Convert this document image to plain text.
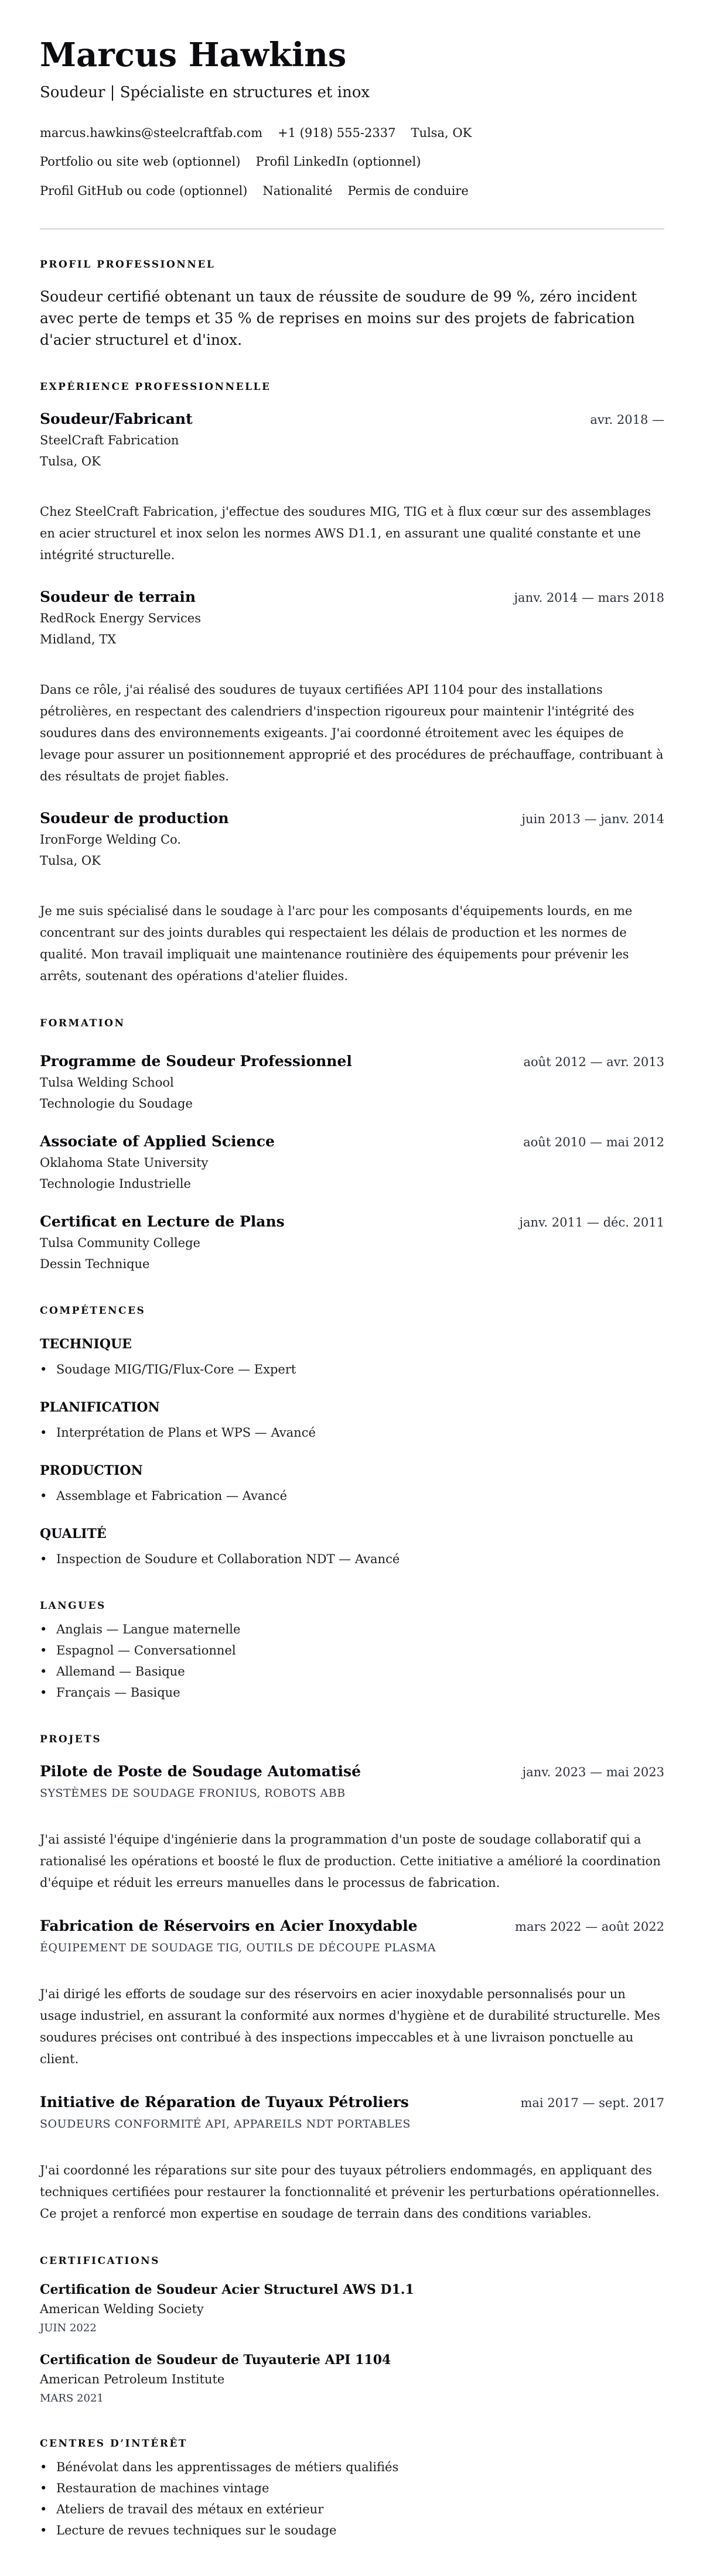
Marcus Hawkins
Soudeur | Spécialiste en structures et inox
marcus.hawkins@steelcraftfab.com +1 (918) 555-2337 Tulsa, OK
Portfolio ou site web (optionnel) Profil LinkedIn (optionnel)
Profil GitHub ou code (optionnel) Nationalité Permis de conduire
PROFIL PROFESSIONNEL

Soudeur certifié obtenant un taux de réussite de soudure de 99 %, zéro incident avec perte de temps et 35 % de reprises en moins sur des projets de fabrication d'acier structurel et d'inox.

EXPÉRIENCE PROFESSIONNELLE
Soudeur/Fabricant	avr. 2018 —
SteelCraft Fabrication
Tulsa, OK

Chez SteelCraft Fabrication, j'effectue des soudures MIG, TIG et à flux cœur sur des assemblages en acier structurel et inox selon les normes AWS D1.1, en assurant une qualité constante et une intégrité structurelle.

Soudeur de terrain	janv. 2014 — mars 2018
RedRock Energy Services
Midland, TX

Dans ce rôle, j'ai réalisé des soudures de tuyaux certifiées API 1104 pour des installations pétrolières, en respectant des calendriers d'inspection rigoureux pour maintenir l'intégrité des soudures dans des environnements exigeants. J'ai coordonné étroitement avec les équipes de levage pour assurer un positionnement approprié et des procédures de préchauffage, contribuant à des résultats de projet fiables.

Soudeur de production	juin 2013 — janv. 2014
IronForge Welding Co.
Tulsa, OK

Je me suis spécialisé dans le soudage à l'arc pour les composants d'équipements lourds, en me concentrant sur des joints durables qui respectaient les délais de production et les normes de qualité. Mon travail impliquait une maintenance routinière des équipements pour prévenir les arrêts, soutenant des opérations d'atelier fluides.

FORMATION
Programme de Soudeur Professionnel	août 2012 — avr. 2013
Tulsa Welding School
Technologie du Soudage
Associate of Applied Science	août 2010 — mai 2012
Oklahoma State University
Technologie Industrielle
Certificat en Lecture de Plans	janv. 2011 — déc. 2011
Tulsa Community College
Dessin Technique
COMPÉTENCES
TECHNIQUE
• Soudage MIG/TIG/Flux-Core — Expert
PLANIFICATION
• Interprétation de Plans et WPS — Avancé
PRODUCTION
• Assemblage et Fabrication — Avancé
QUALITÉ
• Inspection de Soudure et Collaboration NDT — Avancé
LANGUES
• Anglais — Langue maternelle
• Espagnol — Conversationnel
• Allemand — Basique
• Français — Basique
PROJETS
Pilote de Poste de Soudage Automatisé	janv. 2023 — mai 2023
SYSTÈMES DE SOUDAGE FRONIUS, ROBOTS ABB

J'ai assisté l'équipe d'ingénierie dans la programmation d'un poste de soudage collaboratif qui a rationalisé les opérations et boosté le flux de production. Cette initiative a amélioré la coordination d'équipe et réduit les erreurs manuelles dans le processus de fabrication.

Fabrication de Réservoirs en Acier Inoxydable	mars 2022 — août 2022
ÉQUIPEMENT DE SOUDAGE TIG, OUTILS DE DÉCOUPE PLASMA

J'ai dirigé les efforts de soudage sur des réservoirs en acier inoxydable personnalisés pour un usage industriel, en assurant la conformité aux normes d'hygiène et de durabilité structurelle. Mes soudures précises ont contribué à des inspections impeccables et à une livraison ponctuelle au client.

Initiative de Réparation de Tuyaux Pétroliers	mai 2017 — sept. 2017
SOUDEURS CONFORMITÉ API, APPAREILS NDT PORTABLES

J'ai coordonné les réparations sur site pour des tuyaux pétroliers endommagés, en appliquant des techniques certifiées pour restaurer la fonctionnalité et prévenir les perturbations opérationnelles. Ce projet a renforcé mon expertise en soudage de terrain dans des conditions variables.

CERTIFICATIONS
Certification de Soudeur Acier Structurel AWS D1.1
American Welding Society
JUIN 2022
Certification de Soudeur de Tuyauterie API 1104
American Petroleum Institute
MARS 2021
CENTRES D’INTÉRÊT
• Bénévolat dans les apprentissages de métiers qualifiés
• Restauration de machines vintage
• Ateliers de travail des métaux en extérieur
• Lecture de revues techniques sur le soudage
